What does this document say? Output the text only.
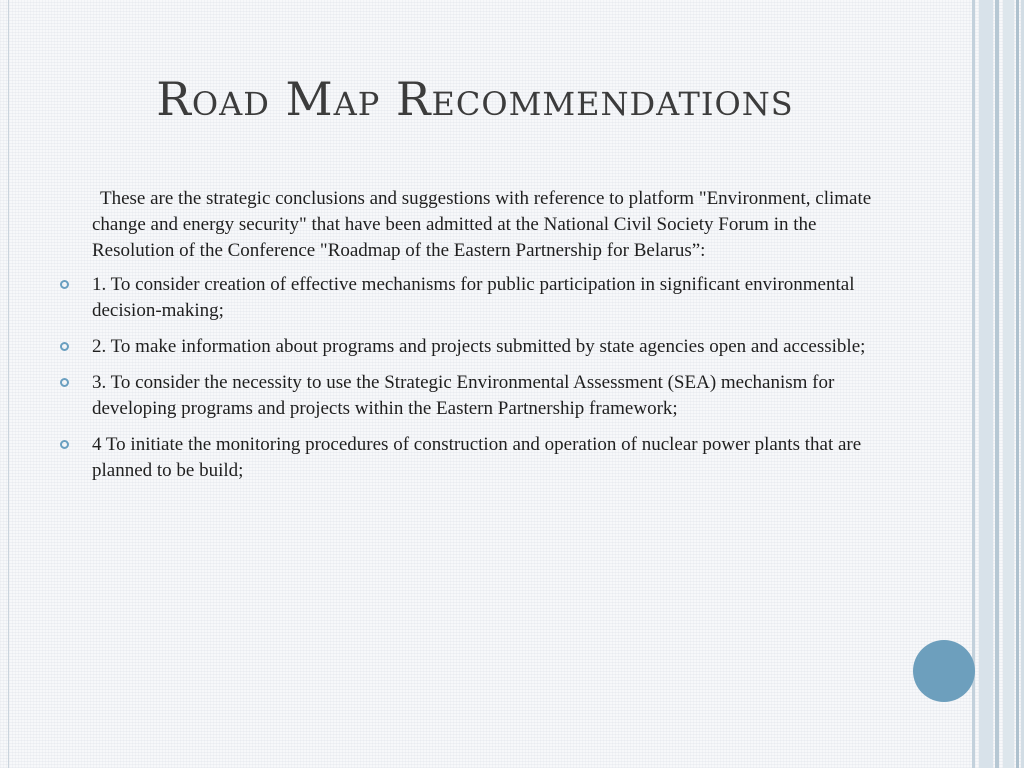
Road Map Recommendations

These are the strategic conclusions and suggestions with reference to platform "Environment, climate change and energy security" that have been admitted at the National Civil Society Forum in the Resolution of the Conference "Roadmap of the Eastern Partnership for Belarus”:

1. To consider creation of effective mechanisms for public participation in significant environmental decision-making;
2. To make information about programs and projects submitted by state agencies open and accessible;
3. To consider the necessity to use the Strategic Environmental Assessment (SEA) mechanism for developing programs and projects within the Eastern Partnership framework;
4 To initiate the monitoring procedures of construction and operation of nuclear power plants that are planned to be build;
